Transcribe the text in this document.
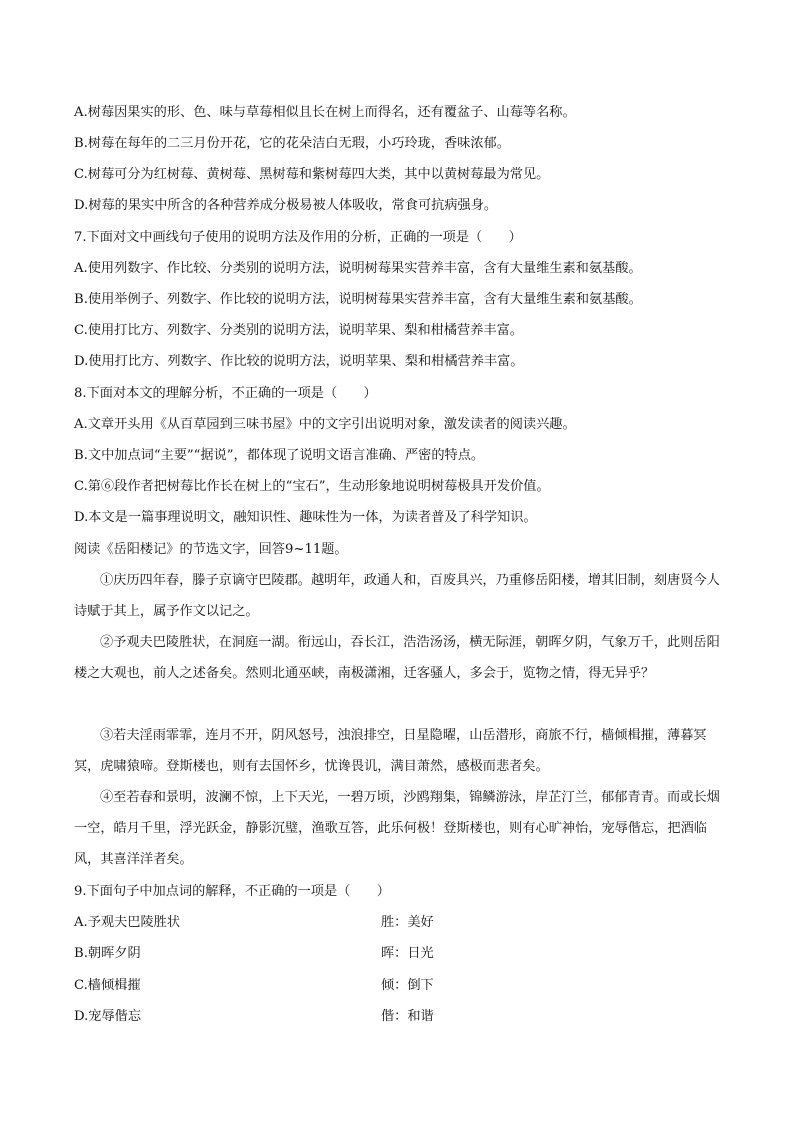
A.树莓因果实的形、色、味与草莓相似且长在树上而得名，还有覆盆子、山莓等名称。
B.树莓在每年的二三月份开花，它的花朵洁白无瑕，小巧玲珑，香味浓郁。
C.树莓可分为红树莓、黄树莓、黑树莓和紫树莓四大类，其中以黄树莓最为常见。
D.树莓的果实中所含的各种营养成分极易被人体吸收，常食可抗病强身。
7.下面对文中画线句子使用的说明方法及作用的分析，正确的一项是（　　）
A.使用列数字、作比较、分类别的说明方法，说明树莓果实营养丰富，含有大量维生素和氨基酸。
B.使用举例子、列数字、作比较的说明方法，说明树莓果实营养丰富，含有大量维生素和氨基酸。
C.使用打比方、列数字、分类别的说明方法，说明苹果、梨和柑橘营养丰富。
D.使用打比方、列数字、作比较的说明方法，说明苹果、梨和柑橘营养丰富。
8.下面对本文的理解分析，不正确的一项是（　　）
A.文章开头用《从百草园到三味书屋》中的文字引出说明对象，激发读者的阅读兴趣。
B.文中加点词“主要”“据说”，都体现了说明文语言准确、严密的特点。
C.第⑥段作者把树莓比作长在树上的“宝石”，生动形象地说明树莓极具开发价值。
D.本文是一篇事理说明文，融知识性、趣味性为一体，为读者普及了科学知识。
阅读《岳阳楼记》的节选文字，回答9~11题。

①庆历四年春，滕子京谪守巴陵郡。越明年，政通人和，百废具兴，乃重修岳阳楼，增其旧制，刻唐贤今人诗赋于其上，属予作文以记之。

②予观夫巴陵胜状，在洞庭一湖。衔远山，吞长江，浩浩汤汤，横无际涯，朝晖夕阴，气象万千，此则岳阳楼之大观也，前人之述备矣。然则北通巫峡，南极潇湘，迁客骚人，多会于，览物之情，得无异乎？

③若夫淫雨霏霏，连月不开，阴风怒号，浊浪排空，日星隐曜，山岳潜形，商旅不行，樯倾楫摧，薄暮冥冥，虎啸猿啼。登斯楼也，则有去国怀乡，忧谗畏讥，满目萧然，感极而悲者矣。

④至若春和景明，波澜不惊，上下天光，一碧万顷，沙鸥翔集，锦鳞游泳，岸芷汀兰，郁郁青青。而或长烟一空，皓月千里，浮光跃金，静影沉璧，渔歌互答，此乐何极！登斯楼也，则有心旷神怡，宠辱偕忘，把酒临风，其喜洋洋者矣。

9.下面句子中加点词的解释，不正确的一项是（　　）
A.予观夫巴陵胜状	胜：美好
B.朝晖夕阴	晖：日光
C.樯倾楫摧	倾：倒下
D.宠辱偕忘	偕：和谐
